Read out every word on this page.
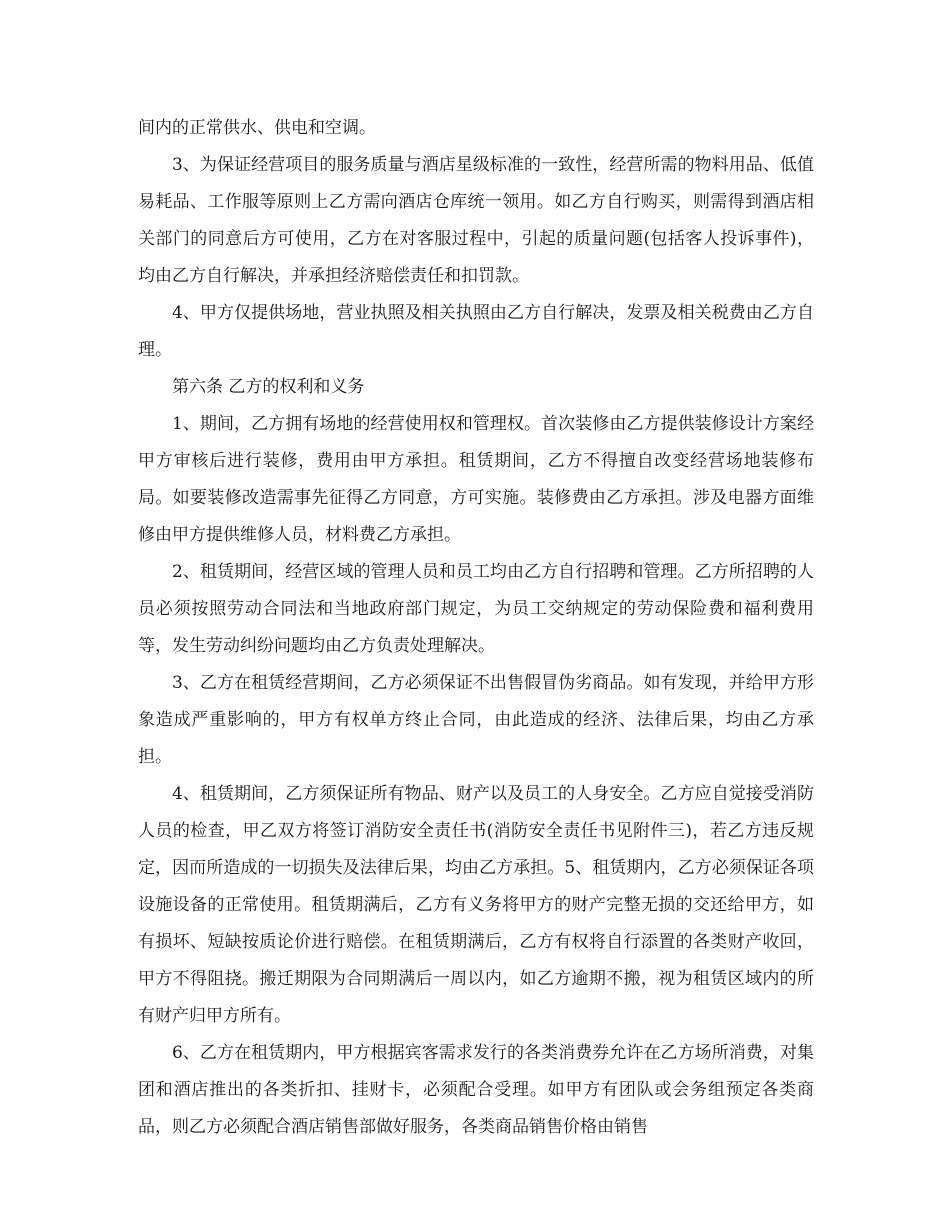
间内的正常供水、供电和空调。

3、为保证经营项目的服务质量与酒店星级标准的一致性，经营所需的物料用品、低值易耗品、工作服等原则上乙方需向酒店仓库统一领用。如乙方自行购买，则需得到酒店相关部门的同意后方可使用，乙方在对客服过程中，引起的质量问题(包括客人投诉事件)，均由乙方自行解决，并承担经济赔偿责任和扣罚款。

4、甲方仅提供场地，营业执照及相关执照由乙方自行解决，发票及相关税费由乙方自理。

第六条 乙方的权利和义务

1、期间，乙方拥有场地的经营使用权和管理权。首次装修由乙方提供装修设计方案经甲方审核后进行装修，费用由甲方承担。租赁期间，乙方不得擅自改变经营场地装修布局。如要装修改造需事先征得乙方同意，方可实施。装修费由乙方承担。涉及电器方面维修由甲方提供维修人员，材料费乙方承担。

2、租赁期间，经营区域的管理人员和员工均由乙方自行招聘和管理。乙方所招聘的人员必须按照劳动合同法和当地政府部门规定，为员工交纳规定的劳动保险费和福利费用等，发生劳动纠纷问题均由乙方负责处理解决。

3、乙方在租赁经营期间，乙方必须保证不出售假冒伪劣商品。如有发现，并给甲方形象造成严重影响的，甲方有权单方终止合同，由此造成的经济、法律后果，均由乙方承担。

4、租赁期间，乙方须保证所有物品、财产以及员工的人身安全。乙方应自觉接受消防人员的检查，甲乙双方将签订消防安全责任书(消防安全责任书见附件三)，若乙方违反规定，因而所造成的一切损失及法律后果，均由乙方承担。5、租赁期内，乙方必须保证各项设施设备的正常使用。租赁期满后，乙方有义务将甲方的财产完整无损的交还给甲方，如有损坏、短缺按质论价进行赔偿。在租赁期满后，乙方有权将自行添置的各类财产收回，甲方不得阻挠。搬迁期限为合同期满后一周以内，如乙方逾期不搬，视为租赁区域内的所有财产归甲方所有。

6、乙方在租赁期内，甲方根据宾客需求发行的各类消费券允许在乙方场所消费，对集团和酒店推出的各类折扣、挂财卡，必须配合受理。如甲方有团队或会务组预定各类商品，则乙方必须配合酒店销售部做好服务，各类商品销售价格由销售
